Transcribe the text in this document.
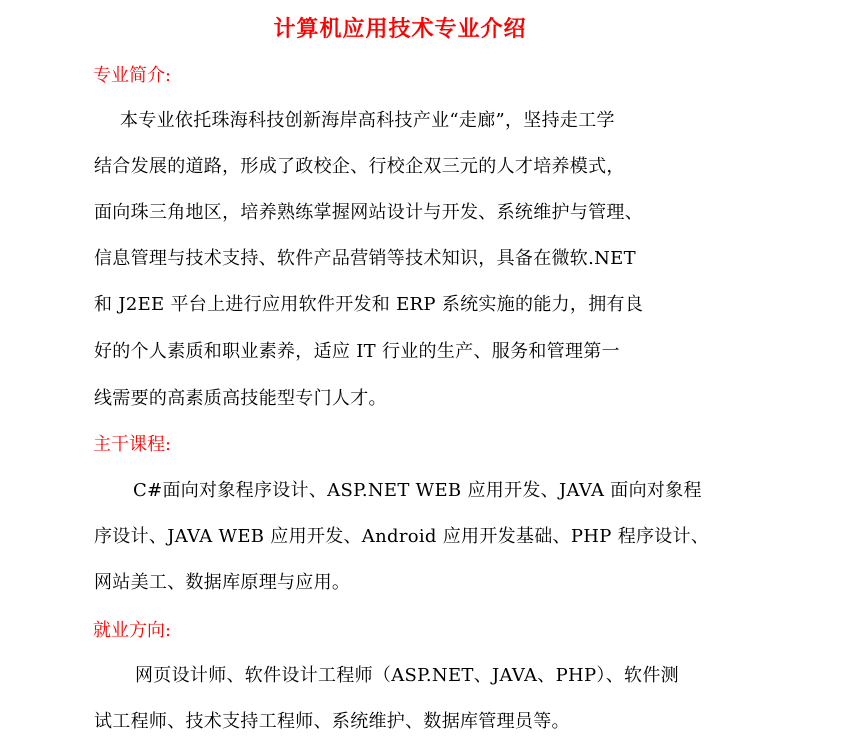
计算机应用技术专业介绍
专业简介:
本专业依托珠海科技创新海岸高科技产业“走廊”，坚持走工学
结合发展的道路，形成了政校企、行校企双三元的人才培养模式，
面向珠三角地区，培养熟练掌握网站设计与开发、系统维护与管理、
信息管理与技术支持、软件产品营销等技术知识，具备在微软.NET
和 J2EE 平台上进行应用软件开发和 ERP 系统实施的能力，拥有良
好的个人素质和职业素养，适应 IT 行业的生产、服务和管理第一
线需要的高素质高技能型专门人才。
主干课程:
C#面向对象程序设计、ASP.NET WEB 应用开发、JAVA 面向对象程
序设计、JAVA WEB 应用开发、Android 应用开发基础、PHP 程序设计、
网站美工、数据库原理与应用。
就业方向:
网页设计师、软件设计工程师（ASP.NET、JAVA、PHP）、软件测
试工程师、技术支持工程师、系统维护、数据库管理员等。
